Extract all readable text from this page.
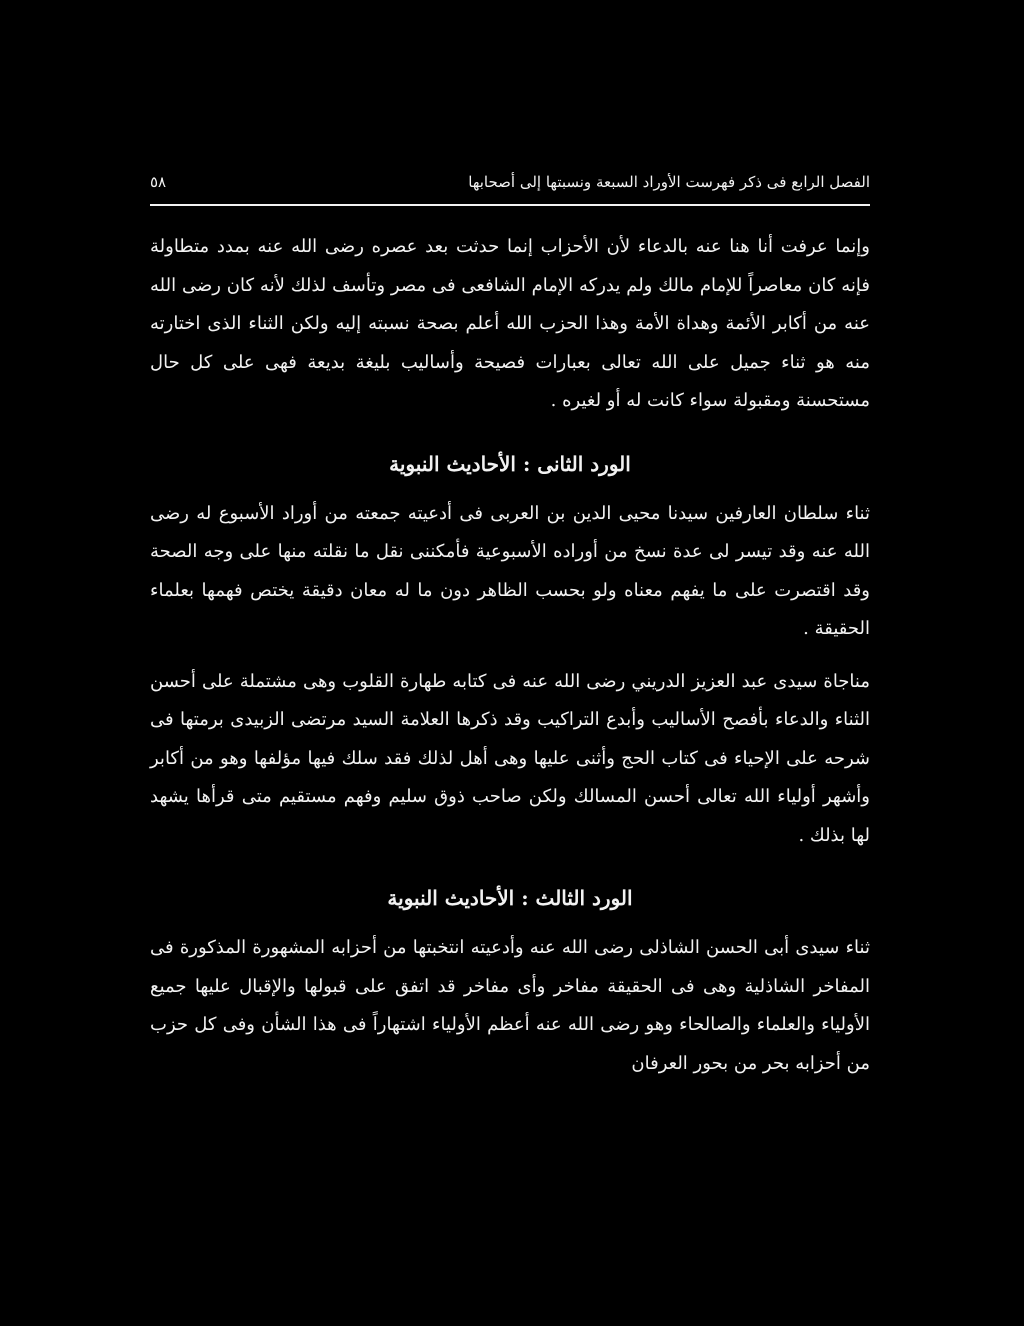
الفصل الرابع فى ذكر فهرست الأوراد السبعة ونسبتها إلى أصحابها
٥٨

وإنما عرفت أنا هنا عنه بالدعاء لأن الأحزاب إنما حدثت بعد عصره رضى الله عنه بمدد متطاولة فإنه كان معاصراً للإمام مالك ولم يدركه الإمام الشافعى فى مصر وتأسف لذلك لأنه كان رضى الله عنه من أكابر الأئمة وهداة الأمة وهذا الحزب الله أعلم بصحة نسبته إليه ولكن الثناء الذى اختارته منه هو ثناء جميل على الله تعالى بعبارات فصيحة وأساليب بليغة بديعة فهى على كل حال مستحسنة ومقبولة سواء كانت له أو لغيره .

الورد الثانى : الأحاديث النبوية

ثناء سلطان العارفين سيدنا محيى الدين بن العربى فى أدعيته جمعته من أوراد الأسبوع له رضى الله عنه وقد تيسر لى عدة نسخ من أوراده الأسبوعية فأمكننى نقل ما نقلته منها على وجه الصحة وقد اقتصرت على ما يفهم معناه ولو بحسب الظاهر دون ما له معان دقيقة يختص فهمها بعلماء الحقيقة .

مناجاة سيدى عبد العزيز الدريني رضى الله عنه فى كتابه طهارة القلوب وهى مشتملة على أحسن الثناء والدعاء بأفصح الأساليب وأبدع التراكيب وقد ذكرها العلامة السيد مرتضى الزبيدى برمتها فى شرحه على الإحياء فى كتاب الحج وأثنى عليها وهى أهل لذلك فقد سلك فيها مؤلفها وهو من أكابر وأشهر أولياء الله تعالى أحسن المسالك ولكن صاحب ذوق سليم وفهم مستقيم متى قرأها يشهد لها بذلك .

الورد الثالث : الأحاديث النبوية

ثناء سيدى أبى الحسن الشاذلى رضى الله عنه وأدعيته انتخبتها من أحزابه المشهورة المذكورة فى المفاخر الشاذلية وهى فى الحقيقة مفاخر وأى مفاخر قد اتفق على قبولها والإقبال عليها جميع الأولياء والعلماء والصالحاء وهو رضى الله عنه أعظم الأولياء اشتهاراً فى هذا الشأن وفى كل حزب من أحزابه بحر من بحور العرفان
